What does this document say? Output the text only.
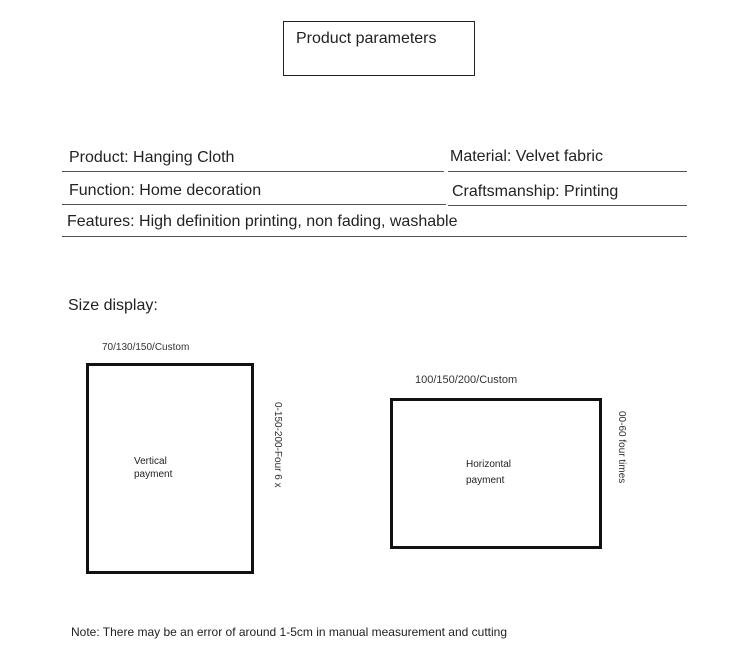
Product parameters
Product: Hanging Cloth	Material: Velvet fabric
Function: Home decoration	Craftsmanship: Printing
Features: High definition printing, non fading, washable
Size display:
70/130/150/Custom
Vertical
payment	0-150-200-Four 6 x
100/150/200/Custom
Horizontal
payment	00-60 four times
Note: There may be an error of around 1-5cm in manual measurement and cutting
